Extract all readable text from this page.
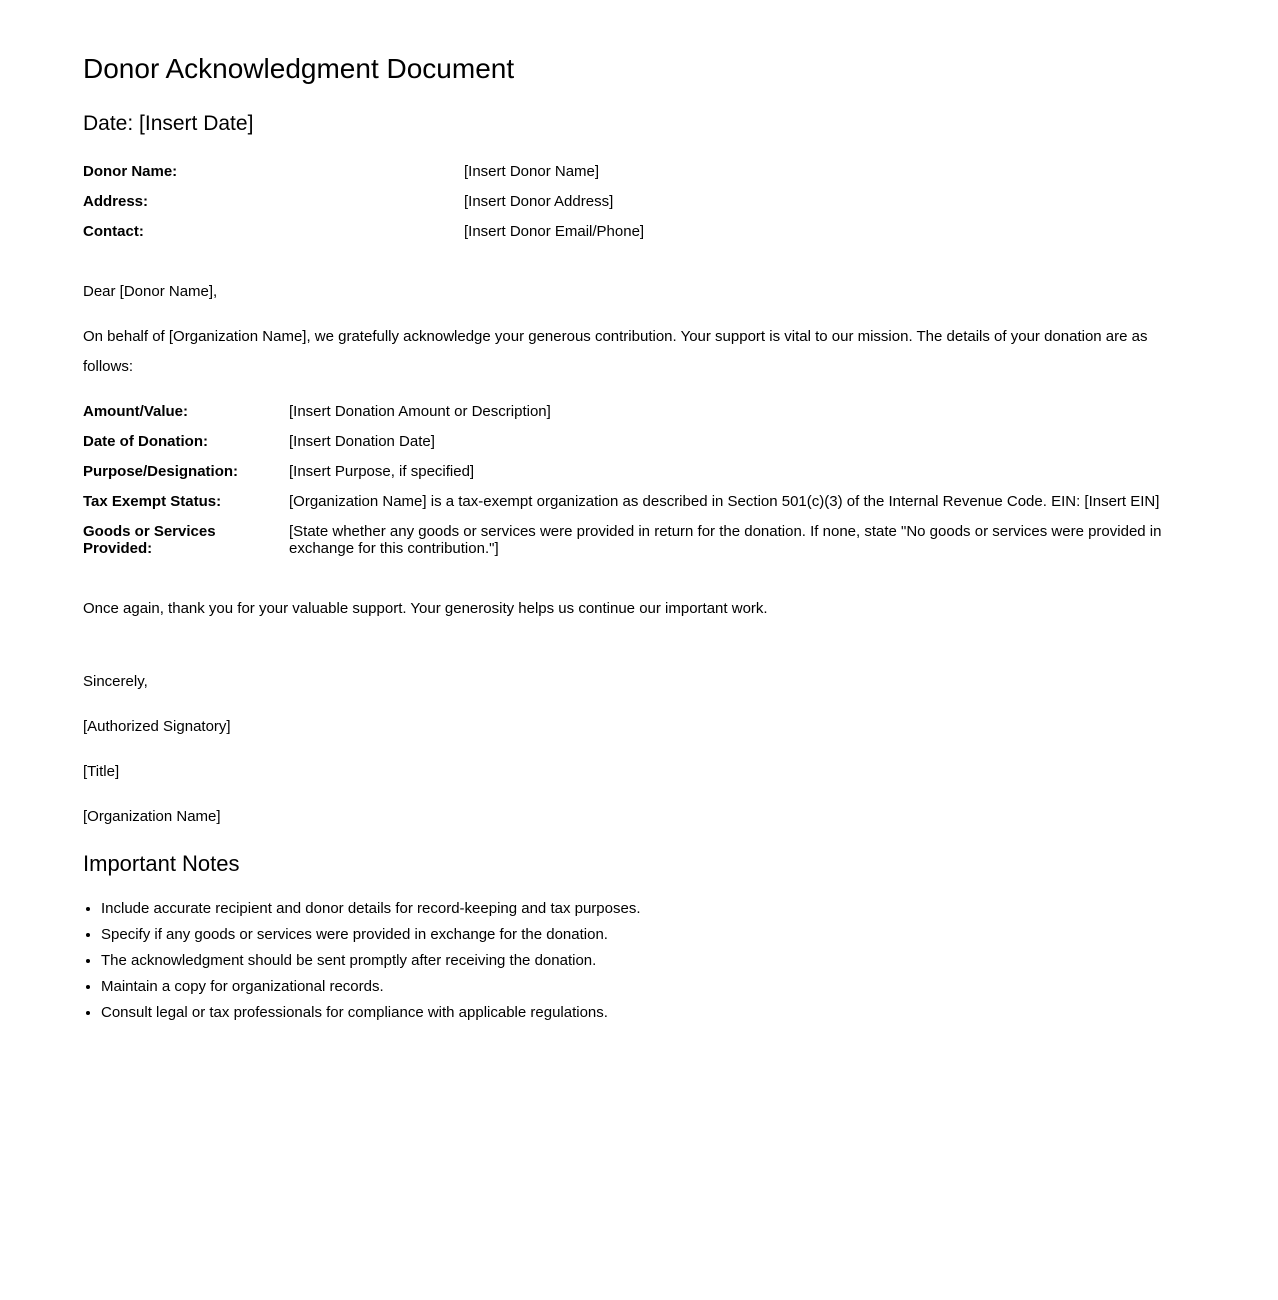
Donor Acknowledgment Document
Date: [Insert Date]
Donor Name:	[Insert Donor Name]
Address:	[Insert Donor Address]
Contact:	[Insert Donor Email/Phone]

Dear [Donor Name],

On behalf of [Organization Name], we gratefully acknowledge your generous contribution. Your support is vital to our mission. The details of your donation are as follows:

Amount/Value:	[Insert Donation Amount or Description]
Date of Donation:	[Insert Donation Date]
Purpose/Designation:	[Insert Purpose, if specified]
Tax Exempt Status:	[Organization Name] is a tax-exempt organization as described in Section 501(c)(3) of the Internal Revenue Code. EIN: [Insert EIN]
Goods or Services Provided:	[State whether any goods or services were provided in return for the donation. If none, state "No goods or services were provided in exchange for this contribution."]

Once again, thank you for your valuable support. Your generosity helps us continue our important work.

Sincerely,

[Authorized Signatory]

[Title]

[Organization Name]

Important Notes
• Include accurate recipient and donor details for record-keeping and tax purposes.
• Specify if any goods or services were provided in exchange for the donation.
• The acknowledgment should be sent promptly after receiving the donation.
• Maintain a copy for organizational records.
• Consult legal or tax professionals for compliance with applicable regulations.
